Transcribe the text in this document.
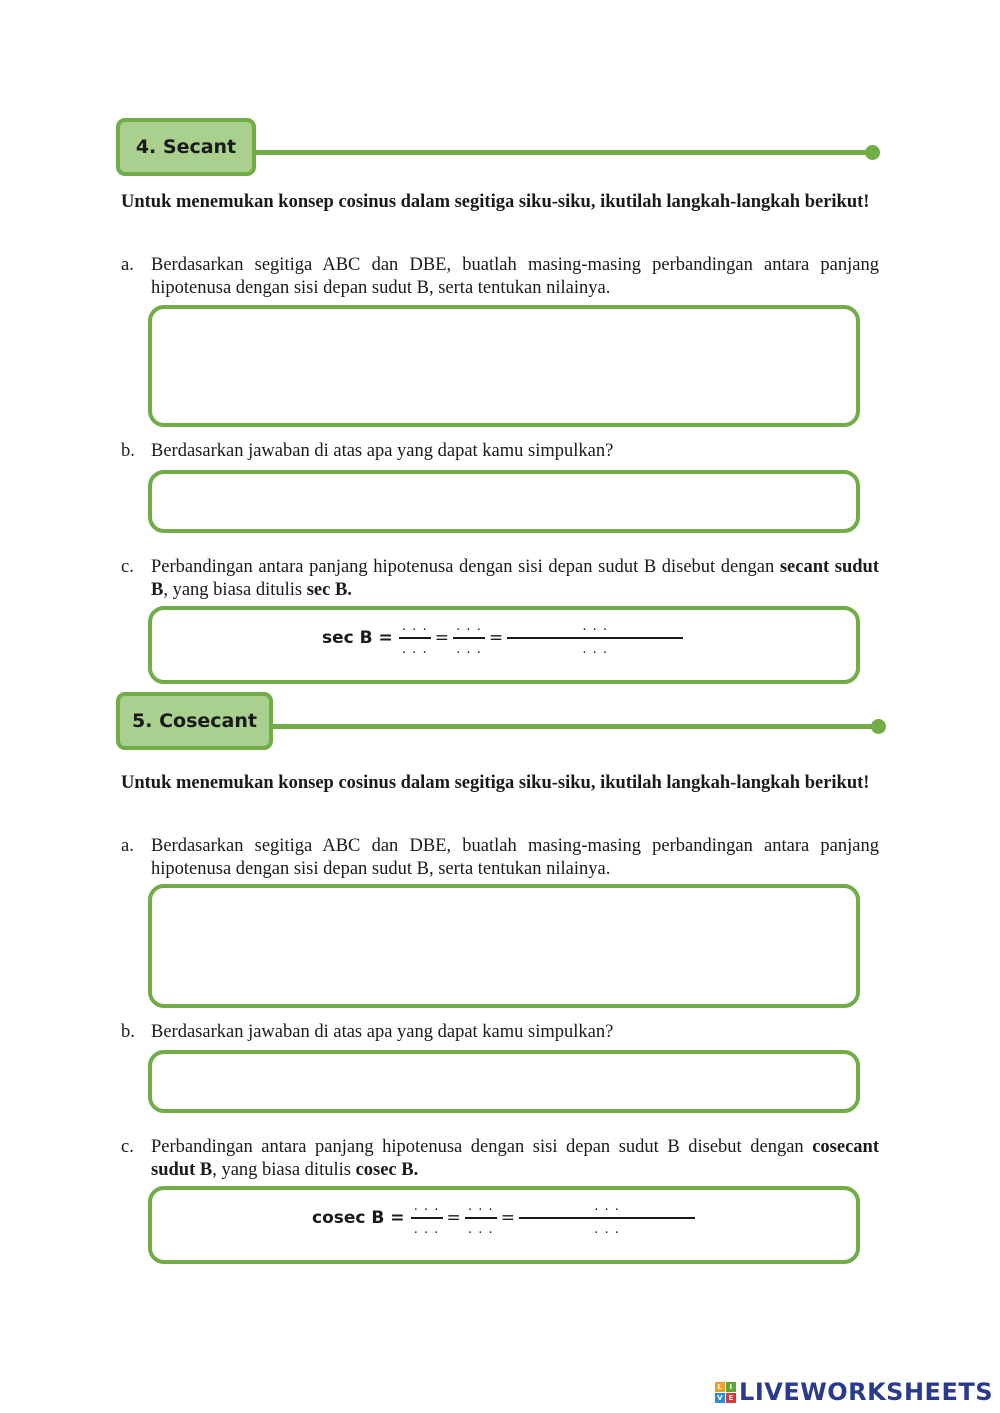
4. Secant
Untuk menemukan konsep cosinus dalam segitiga siku-siku, ikutilah langkah-langkah berikut!
a. Berdasarkan segitiga ABC dan DBE, buatlah masing-masing perbandingan antara panjang hipotenusa dengan sisi depan sudut B, serta tentukan nilainya.
b. Berdasarkan jawaban di atas apa yang dapat kamu simpulkan?
c. Perbandingan antara panjang hipotenusa dengan sisi depan sudut B disebut dengan secant sudut B, yang biasa ditulis sec B.
$\sec B = \frac{. . .}{. . .} = \frac{. . .}{. . .} = \frac{. . .}{. . .}$
5. Cosecant
Untuk menemukan konsep cosinus dalam segitiga siku-siku, ikutilah langkah-langkah berikut!
a. Berdasarkan segitiga ABC dan DBE, buatlah masing-masing perbandingan antara panjang hipotenusa dengan sisi depan sudut B, serta tentukan nilainya.
b. Berdasarkan jawaban di atas apa yang dapat kamu simpulkan?
c. Perbandingan antara panjang hipotenusa dengan sisi depan sudut B disebut dengan cosecant sudut B, yang biasa ditulis cosec B.
cosec $B = \frac{. . .}{. . .} = \frac{. . .}{. . .} = \frac{. . .}{. . .}$
L I
V E LIVEWORKSHEETS
